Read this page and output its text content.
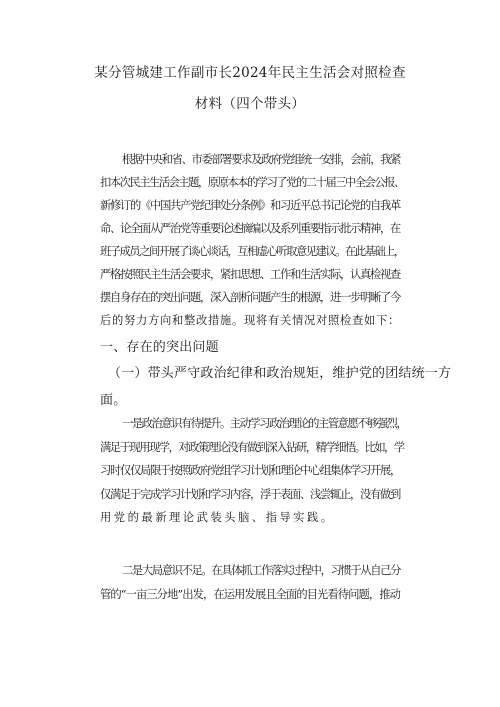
某分管城建工作副市长2024年民主生活会对照检查
材料（四个带头）
根据中央和省、市委部署要求及政府党组统一安排，会前，我紧
扣本次民主生活会主题，原原本本的学习了党的二十届三中全会公报、
新修订的《中国共产党纪律处分条例》和习近平总书记论党的自我革
命、论全面从严治党等重要论述摘编以及系列重要指示批示精神，在
班子成员之间开展了谈心谈话，互相虚心听取意见建议。在此基础上，
严格按照民主生活会要求，紧扣思想、工作和生活实际，认真检视查
摆自身存在的突出问题，深入剖析问题产生的根源，进一步明晰了今
后的努力方向和整改措施。现将有关情况对照检查如下：
一、存在的突出问题
（一）带头严守政治纪律和政治规矩，维护党的团结统一方
面。
一是政治意识有待提升。主动学习政治理论的主管意愿不够强烈，
满足于现用现学，对政策理论没有做到深入钻研，精学细悟。比如，学
习时仅仅局限于按照政府党组学习计划和理论中心组集体学习开展，
仅满足于完成学习计划和学习内容，浮于表面、浅尝辄止，没有做到
用党的最新理论武装头脑、指导实践。
二是大局意识不足。在具体抓工作落实过程中，习惯于从自己分
管的“一亩三分地”出发，在运用发展且全面的目光看待问题，推动
